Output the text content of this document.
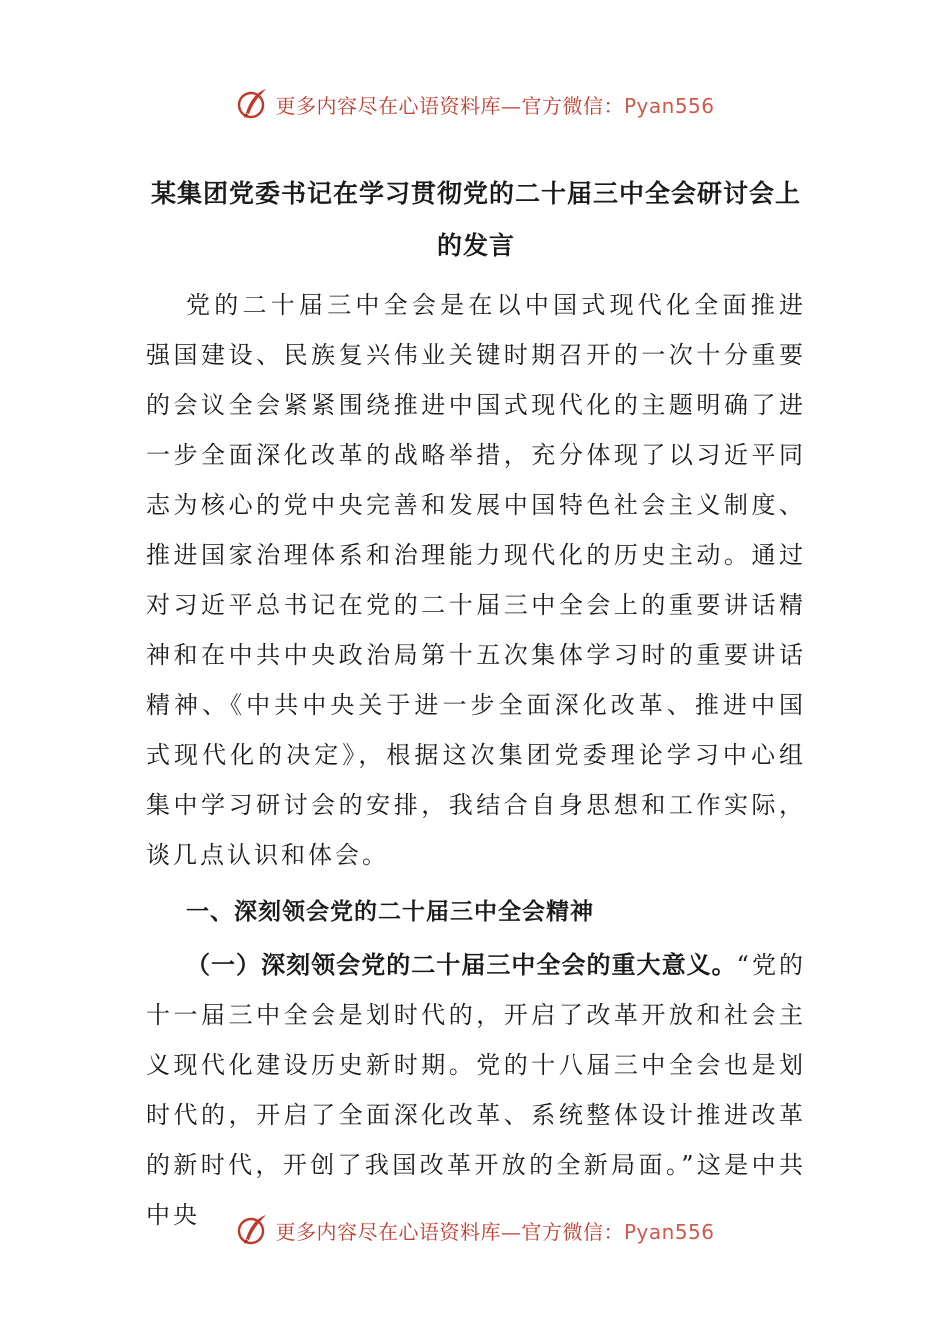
更多内容尽在心语资料库—官方微信：Pyan556
某集团党委书记在学习贯彻党的二十届三中全会研讨会上的发言

党的二十届三中全会是在以中国式现代化全面推进强国建设、民族复兴伟业关键时期召开的一次十分重要的会议全会紧紧围绕推进中国式现代化的主题明确了进一步全面深化改革的战略举措，充分体现了以习近平同志为核心的党中央完善和发展中国特色社会主义制度、推进国家治理体系和治理能力现代化的历史主动。通过对习近平总书记在党的二十届三中全会上的重要讲话精神和在中共中央政治局第十五次集体学习时的重要讲话精神、《中共中央关于进一步全面深化改革、推进中国式现代化的决定》，根据这次集团党委理论学习中心组集中学习研讨会的安排，我结合自身思想和工作实际，谈几点认识和体会。

一、深刻领会党的二十届三中全会精神

（一）深刻领会党的二十届三中全会的重大意义。“党的十一届三中全会是划时代的，开启了改革开放和社会主义现代化建设历史新时期。党的十八届三中全会也是划时代的，开启了全面深化改革、系统整体设计推进改革的新时代，开创了我国改革开放的全新局面。”这是中共中央

更多内容尽在心语资料库—官方微信：Pyan556
